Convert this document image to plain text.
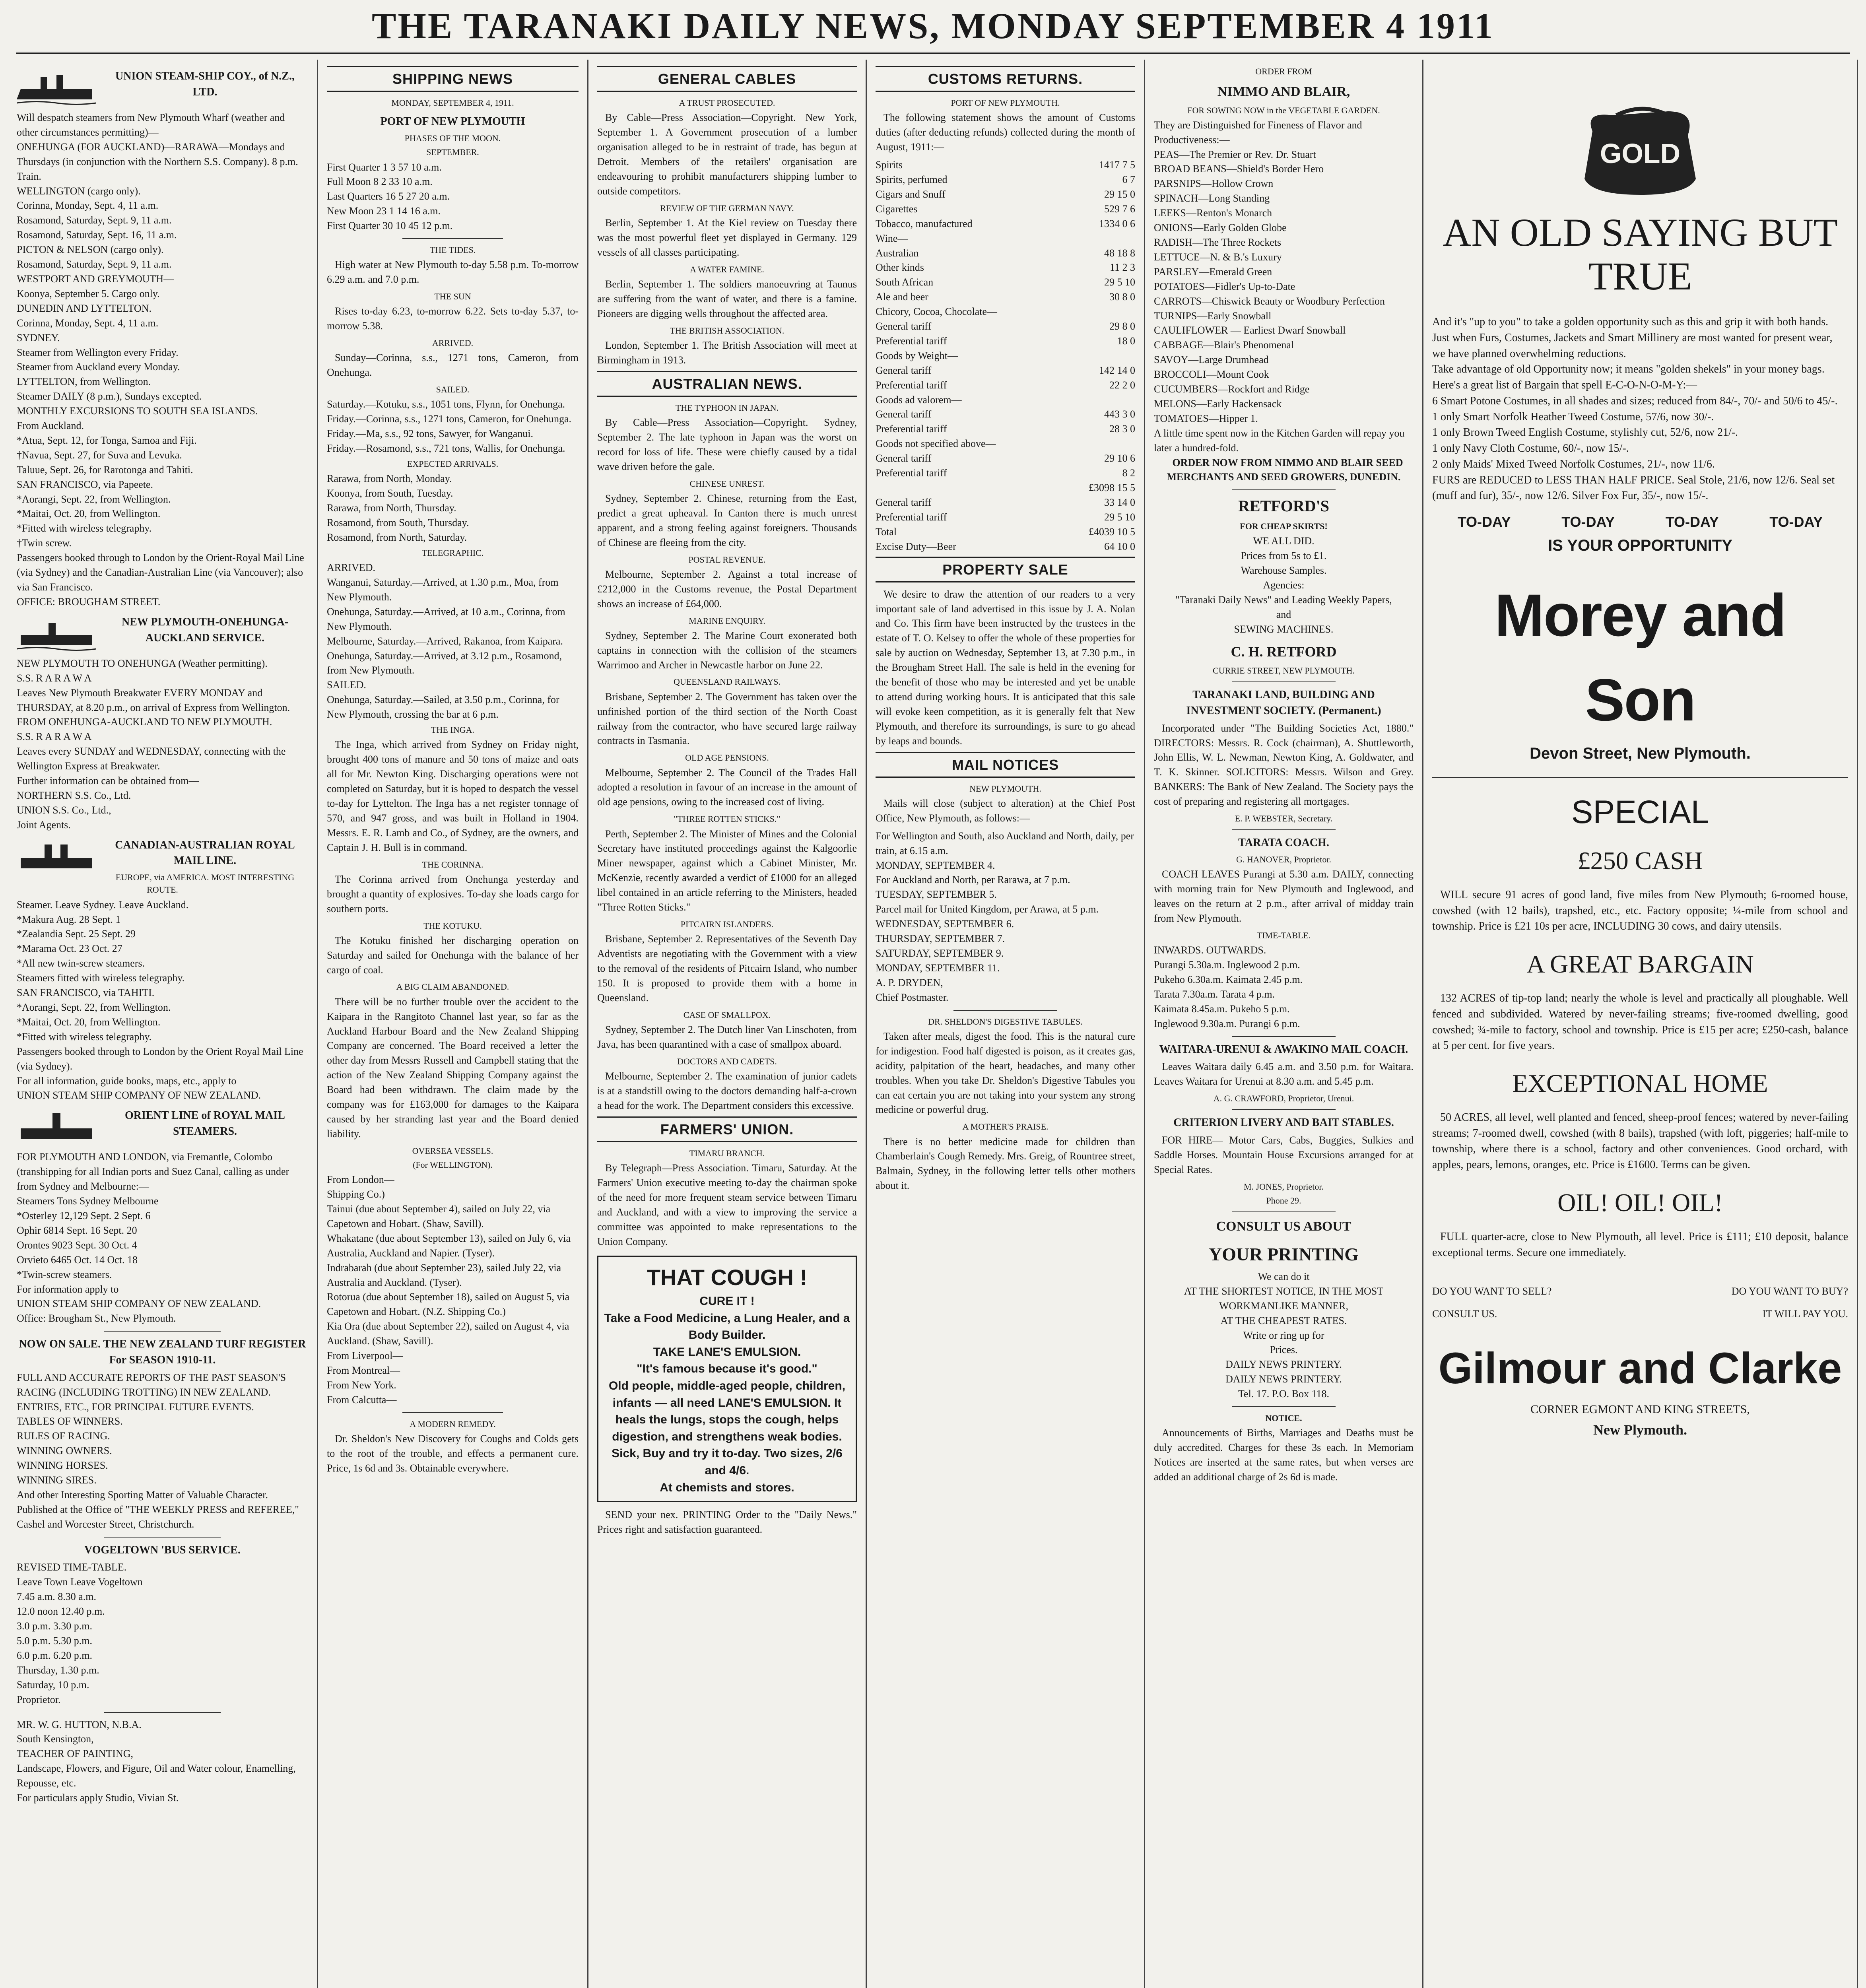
THE TARANAKI DAILY NEWS, MONDAY SEPTEMBER 4 1911
UNION STEAM-SHIP COY., of N.Z., LTD.
Will despatch steamers from New Plymouth Wharf (weather and other circumstances permitting)—
ONEHUNGA (FOR AUCKLAND)—RARAWA—Mondays and Thursdays (in conjunction with the Northern S.S. Company). 8 p.m. Train.
WELLINGTON (cargo only).
Corinna, Monday, Sept. 4, 11 a.m.
Rosamond, Saturday, Sept. 9, 11 a.m.
Rosamond, Saturday, Sept. 16, 11 a.m.
PICTON & NELSON (cargo only).
Rosamond, Saturday, Sept. 9, 11 a.m.
WESTPORT AND GREYMOUTH—
Koonya, September 5. Cargo only.
DUNEDIN AND LYTTELTON.
Corinna, Monday, Sept. 4, 11 a.m.
SYDNEY.
Steamer from Wellington every Friday.
Steamer from Auckland every Monday.
LYTTELTON, from Wellington.
Steamer DAILY (8 p.m.), Sundays excepted.
MONTHLY EXCURSIONS TO SOUTH SEA ISLANDS.
From Auckland.
*Atua, Sept. 12, for Tonga, Samoa and Fiji.
†Navua, Sept. 27, for Suva and Levuka.
Taluue, Sept. 26, for Rarotonga and Tahiti.
SAN FRANCISCO, via Papeete.
*Aorangi, Sept. 22, from Wellington.
*Maitai, Oct. 20, from Wellington.
*Fitted with wireless telegraphy.
†Twin screw.
Passengers booked through to London by the Orient-Royal Mail Line (via Sydney) and the Canadian-Australian Line (via Vancouver); also via San Francisco.
OFFICE: BROUGHAM STREET.
NEW PLYMOUTH-ONEHUNGA-AUCKLAND SERVICE.
NEW PLYMOUTH TO ONEHUNGA (Weather permitting).
S.S. R A R A W A
Leaves New Plymouth Breakwater EVERY MONDAY and THURSDAY, at 8.20 p.m., on arrival of Express from Wellington.
FROM ONEHUNGA-AUCKLAND TO NEW PLYMOUTH.
S.S. R A R A W A
Leaves every SUNDAY and WEDNESDAY, connecting with the Wellington Express at Breakwater.
Further information can be obtained from—
NORTHERN S.S. Co., Ltd.
UNION S.S. Co., Ltd.,
Joint Agents.
CANADIAN-AUSTRALIAN ROYAL MAIL LINE.
EUROPE, via AMERICA. MOST INTERESTING ROUTE.
Steamer. Leave Sydney. Leave Auckland.
*Makura Aug. 28 Sept. 1
*Zealandia Sept. 25 Sept. 29
*Marama Oct. 23 Oct. 27
*All new twin-screw steamers.
Steamers fitted with wireless telegraphy.
SAN FRANCISCO, via TAHITI.
*Aorangi, Sept. 22, from Wellington.
*Maitai, Oct. 20, from Wellington.
*Fitted with wireless telegraphy.
Passengers booked through to London by the Orient Royal Mail Line (via Sydney).
For all information, guide books, maps, etc., apply to
UNION STEAM SHIP COMPANY OF NEW ZEALAND.
ORIENT LINE of ROYAL MAIL STEAMERS.
FOR PLYMOUTH AND LONDON, via Fremantle, Colombo (transhipping for all Indian ports and Suez Canal, calling as under from Sydney and Melbourne:—
Steamers Tons Sydney Melbourne
*Osterley 12,129 Sept. 2 Sept. 6
Ophir 6814 Sept. 16 Sept. 20
Orontes 9023 Sept. 30 Oct. 4
Orvieto 6465 Oct. 14 Oct. 18
*Twin-screw steamers.
For information apply to
UNION STEAM SHIP COMPANY OF NEW ZEALAND.
Office: Brougham St., New Plymouth.
NOW ON SALE. THE NEW ZEALAND TURF REGISTER For SEASON 1910-11.
FULL AND ACCURATE REPORTS OF THE PAST SEASON'S RACING (INCLUDING TROTTING) IN NEW ZEALAND.
ENTRIES, ETC., FOR PRINCIPAL FUTURE EVENTS.
TABLES OF WINNERS.
RULES OF RACING.
WINNING OWNERS.
WINNING HORSES.
WINNING SIRES.
And other Interesting Sporting Matter of Valuable Character.
Published at the Office of "THE WEEKLY PRESS and REFEREE," Cashel and Worcester Street, Christchurch.
VOGELTOWN 'BUS SERVICE.
REVISED TIME-TABLE.
Leave Town Leave Vogeltown
7.45 a.m. 8.30 a.m.
12.0 noon 12.40 p.m.
3.0 p.m. 3.30 p.m.
5.0 p.m. 5.30 p.m.
6.0 p.m. 6.20 p.m.
Thursday, 1.30 p.m.
Saturday, 10 p.m.
Proprietor.
MR. W. G. HUTTON, N.B.A.
South Kensington,
TEACHER OF PAINTING,
Landscape, Flowers, and Figure, Oil and Water colour, Enamelling, Repousse, etc.
For particulars apply Studio, Vivian St.
SHIPPING NEWS
MONDAY, SEPTEMBER 4, 1911.
PORT OF NEW PLYMOUTH
PHASES OF THE MOON.
SEPTEMBER.
First Quarter 1 3 57 10 a.m.
Full Moon 8 2 33 10 a.m.
Last Quarters 16 5 27 20 a.m.
New Moon 23 1 14 16 a.m.
First Quarter 30 10 45 12 p.m.
THE TIDES.

High water at New Plymouth to-day 5.58 p.m. To-morrow 6.29 a.m. and 7.0 p.m.

THE SUN

Rises to-day 6.23, to-morrow 6.22. Sets to-day 5.37, to-morrow 5.38.

ARRIVED.

Sunday—Corinna, s.s., 1271 tons, Cameron, from Onehunga.

SAILED.
Saturday.—Kotuku, s.s., 1051 tons, Flynn, for Onehunga.
Friday.—Corinna, s.s., 1271 tons, Cameron, for Onehunga.
Friday.—Ma, s.s., 92 tons, Sawyer, for Wanganui.
Friday.—Rosamond, s.s., 721 tons, Wallis, for Onehunga.
EXPECTED ARRIVALS.
Rarawa, from North, Monday.
Koonya, from South, Tuesday.
Rarawa, from North, Thursday.
Rosamond, from South, Thursday.
Rosamond, from North, Saturday.
TELEGRAPHIC.
ARRIVED.
Wanganui, Saturday.—Arrived, at 1.30 p.m., Moa, from New Plymouth.
Onehunga, Saturday.—Arrived, at 10 a.m., Corinna, from New Plymouth.
Melbourne, Saturday.—Arrived, Rakanoa, from Kaipara.
Onehunga, Saturday.—Arrived, at 3.12 p.m., Rosamond, from New Plymouth.
SAILED.
Onehunga, Saturday.—Sailed, at 3.50 p.m., Corinna, for New Plymouth, crossing the bar at 6 p.m.
THE INGA.

The Inga, which arrived from Sydney on Friday night, brought 400 tons of manure and 50 tons of maize and oats all for Mr. Newton King. Discharging operations were not completed on Saturday, but it is hoped to despatch the vessel to-day for Lyttelton. The Inga has a net register tonnage of 570, and 947 gross, and was built in Holland in 1904. Messrs. E. R. Lamb and Co., of Sydney, are the owners, and Captain J. H. Bull is in command.

THE CORINNA.

The Corinna arrived from Onehunga yesterday and brought a quantity of explosives. To-day she loads cargo for southern ports.

THE KOTUKU.

The Kotuku finished her discharging operation on Saturday and sailed for Onehunga with the balance of her cargo of coal.

A BIG CLAIM ABANDONED.

There will be no further trouble over the accident to the Kaipara in the Rangitoto Channel last year, so far as the Auckland Harbour Board and the New Zealand Shipping Company are concerned. The Board received a letter the other day from Messrs Russell and Campbell stating that the action of the New Zealand Shipping Company against the Board had been withdrawn. The claim made by the company was for £163,000 for damages to the Kaipara caused by her stranding last year and the Board denied liability.

OVERSEA VESSELS.
(For WELLINGTON).
From London—
Shipping Co.)
Tainui (due about September 4), sailed on July 22, via Capetown and Hobart. (Shaw, Savill).
Whakatane (due about September 13), sailed on July 6, via Australia, Auckland and Napier. (Tyser).
Indrabarah (due about September 23), sailed July 22, via Australia and Auckland. (Tyser).
Rotorua (due about September 18), sailed on August 5, via Capetown and Hobart. (N.Z. Shipping Co.)
Kia Ora (due about September 22), sailed on August 4, via Auckland. (Shaw, Savill).
From Liverpool—
From Montreal—
From New York.
From Calcutta—
A MODERN REMEDY.

Dr. Sheldon's New Discovery for Coughs and Colds gets to the root of the trouble, and effects a permanent cure. Price, 1s 6d and 3s. Obtainable everywhere.

GENERAL CABLES
A TRUST PROSECUTED.

By Cable—Press Association—Copyright. New York, September 1. A Government prosecution of a lumber organisation alleged to be in restraint of trade, has begun at Detroit. Members of the retailers' organisation are endeavouring to prohibit manufacturers shipping lumber to outside competitors.

REVIEW OF THE GERMAN NAVY.

Berlin, September 1. At the Kiel review on Tuesday there was the most powerful fleet yet displayed in Germany. 129 vessels of all classes participating.

A WATER FAMINE.

Berlin, September 1. The soldiers manoeuvring at Taunus are suffering from the want of water, and there is a famine. Pioneers are digging wells throughout the affected area.

THE BRITISH ASSOCIATION.

London, September 1. The British Association will meet at Birmingham in 1913.

AUSTRALIAN NEWS.
THE TYPHOON IN JAPAN.

By Cable—Press Association—Copyright. Sydney, September 2. The late typhoon in Japan was the worst on record for loss of life. These were chiefly caused by a tidal wave driven before the gale.

CHINESE UNREST.

Sydney, September 2. Chinese, returning from the East, predict a great upheaval. In Canton there is much unrest apparent, and a strong feeling against foreigners. Thousands of Chinese are fleeing from the city.

POSTAL REVENUE.

Melbourne, September 2. Against a total increase of £212,000 in the Customs revenue, the Postal Department shows an increase of £64,000.

MARINE ENQUIRY.

Sydney, September 2. The Marine Court exonerated both captains in connection with the collision of the steamers Warrimoo and Archer in Newcastle harbor on June 22.

QUEENSLAND RAILWAYS.

Brisbane, September 2. The Government has taken over the unfinished portion of the third section of the North Coast railway from the contractor, who have secured large railway contracts in Tasmania.

OLD AGE PENSIONS.

Melbourne, September 2. The Council of the Trades Hall adopted a resolution in favour of an increase in the amount of old age pensions, owing to the increased cost of living.

"THREE ROTTEN STICKS."

Perth, September 2. The Minister of Mines and the Colonial Secretary have instituted proceedings against the Kalgoorlie Miner newspaper, against which a Cabinet Minister, Mr. McKenzie, recently awarded a verdict of £1000 for an alleged libel contained in an article referring to the Ministers, headed "Three Rotten Sticks."

PITCAIRN ISLANDERS.

Brisbane, September 2. Representatives of the Seventh Day Adventists are negotiating with the Government with a view to the removal of the residents of Pitcairn Island, who number 150. It is proposed to provide them with a home in Queensland.

CASE OF SMALLPOX.

Sydney, September 2. The Dutch liner Van Linschoten, from Java, has been quarantined with a case of smallpox aboard.

DOCTORS AND CADETS.

Melbourne, September 2. The examination of junior cadets is at a standstill owing to the doctors demanding half-a-crown a head for the work. The Department considers this excessive.

FARMERS' UNION.
TIMARU BRANCH.

By Telegraph—Press Association. Timaru, Saturday. At the Farmers' Union executive meeting to-day the chairman spoke of the need for more frequent steam service between Timaru and Auckland, and with a view to improving the service a committee was appointed to make representations to the Union Company.

THAT COUGH !
CURE IT !
Take a Food Medicine, a Lung Healer, and a Body Builder.
TAKE LANE'S EMULSION.
"It's famous because it's good."
Old people, middle-aged people, children, infants — all need LANE'S EMULSION. It heals the lungs, stops the cough, helps digestion, and strengthens weak bodies.
Sick, Buy and try it to-day. Two sizes, 2/6 and 4/6.
At chemists and stores.

SEND your nex. PRINTING Order to the "Daily News." Prices right and satisfaction guaranteed.

CUSTOMS RETURNS.
PORT OF NEW PLYMOUTH.

The following statement shows the amount of Customs duties (after deducting refunds) collected during the month of August, 1911:—

Spirits	1417 7 5
Spirits, perfumed	6 7
Cigars and Snuff	29 15 0
Cigarettes	529 7 6
Tobacco, manufactured	1334 0 6
Wine—
Australian	48 18 8
Other kinds	11 2 3
South African	29 5 10
Ale and beer	30 8 0
Chicory, Cocoa, Chocolate—
General tariff	29 8 0
Preferential tariff	18 0
Goods by Weight—
General tariff	142 14 0
Preferential tariff	22 2 0
Goods ad valorem—
General tariff	443 3 0
Preferential tariff	28 3 0
Goods not specified above—
General tariff	29 10 6
Preferential tariff	8 2
£3098 15 5
General tariff	33 14 0
Preferential tariff	29 5 10
Total	£4039 10 5
Excise Duty—Beer	64 10 0
PROPERTY SALE

We desire to draw the attention of our readers to a very important sale of land advertised in this issue by J. A. Nolan and Co. This firm have been instructed by the trustees in the estate of T. O. Kelsey to offer the whole of these properties for sale by auction on Wednesday, September 13, at 7.30 p.m., in the Brougham Street Hall. The sale is held in the evening for the benefit of those who may be interested and yet be unable to attend during working hours. It is anticipated that this sale will evoke keen competition, as it is generally felt that New Plymouth, and therefore its surroundings, is sure to go ahead by leaps and bounds.

MAIL NOTICES
NEW PLYMOUTH.

Mails will close (subject to alteration) at the Chief Post Office, New Plymouth, as follows:—

For Wellington and South, also Auckland and North, daily, per train, at 6.15 a.m.
MONDAY, SEPTEMBER 4.
For Auckland and North, per Rarawa, at 7 p.m.
TUESDAY, SEPTEMBER 5.
Parcel mail for United Kingdom, per Arawa, at 5 p.m.
WEDNESDAY, SEPTEMBER 6.
THURSDAY, SEPTEMBER 7.
SATURDAY, SEPTEMBER 9.
MONDAY, SEPTEMBER 11.
A. P. DRYDEN,
Chief Postmaster.
DR. SHELDON'S DIGESTIVE TABULES.

Taken after meals, digest the food. This is the natural cure for indigestion. Food half digested is poison, as it creates gas, acidity, palpitation of the heart, headaches, and many other troubles. When you take Dr. Sheldon's Digestive Tabules you can eat certain you are not taking into your system any strong medicine or powerful drug.

A MOTHER'S PRAISE.

There is no better medicine made for children than Chamberlain's Cough Remedy. Mrs. Greig, of Rountree street, Balmain, Sydney, in the following letter tells other mothers about it.

ORDER FROM
NIMMO AND BLAIR,
FOR SOWING NOW in the VEGETABLE GARDEN.
They are Distinguished for Fineness of Flavor and Productiveness:—
PEAS—The Premier or Rev. Dr. Stuart
BROAD BEANS—Shield's Border Hero
PARSNIPS—Hollow Crown
SPINACH—Long Standing
LEEKS—Renton's Monarch
ONIONS—Early Golden Globe
RADISH—The Three Rockets
LETTUCE—N. & B.'s Luxury
PARSLEY—Emerald Green
POTATOES—Fidler's Up-to-Date
CARROTS—Chiswick Beauty or Woodbury Perfection
TURNIPS—Early Snowball
CAULIFLOWER — Earliest Dwarf Snowball
CABBAGE—Blair's Phenomenal
SAVOY—Large Drumhead
BROCCOLI—Mount Cook
CUCUMBERS—Rockfort and Ridge
MELONS—Early Hackensack
TOMATOES—Hipper 1.
A little time spent now in the Kitchen Garden will repay you later a hundred-fold.

ORDER NOW FROM NIMMO AND BLAIR SEED MERCHANTS AND SEED GROWERS, DUNEDIN.

RETFORD'S
FOR CHEAP SKIRTS!
WE ALL DID.
Prices from 5s to £1.
Warehouse Samples.
Agencies:
"Taranaki Daily News" and Leading Weekly Papers,
and
SEWING MACHINES.
C. H. RETFORD
CURRIE STREET, NEW PLYMOUTH.
TARANAKI LAND, BUILDING AND INVESTMENT SOCIETY. (Permanent.)

Incorporated under "The Building Societies Act, 1880." DIRECTORS: Messrs. R. Cock (chairman), A. Shuttleworth, John Ellis, W. L. Newman, Newton King, A. Goldwater, and T. K. Skinner. SOLICITORS: Messrs. Wilson and Grey. BANKERS: The Bank of New Zealand. The Society pays the cost of preparing and registering all mortgages.

E. P. WEBSTER, Secretary.
TARATA COACH.
G. HANOVER, Proprietor.

COACH LEAVES Purangi at 5.30 a.m. DAILY, connecting with morning train for New Plymouth and Inglewood, and leaves on the return at 2 p.m., after arrival of midday train from New Plymouth.

TIME-TABLE.
INWARDS. OUTWARDS.
Purangi 5.30a.m. Inglewood 2 p.m.
Pukeho 6.30a.m. Kaimata 2.45 p.m.
Tarata 7.30a.m. Tarata 4 p.m.
Kaimata 8.45a.m. Pukeho 5 p.m.
Inglewood 9.30a.m. Purangi 6 p.m.
WAITARA-URENUI & AWAKINO MAIL COACH.

Leaves Waitara daily 6.45 a.m. and 3.50 p.m. for Waitara. Leaves Waitara for Urenui at 8.30 a.m. and 5.45 p.m.

A. G. CRAWFORD, Proprietor, Urenui.
CRITERION LIVERY AND BAIT STABLES.

FOR HIRE— Motor Cars, Cabs, Buggies, Sulkies and Saddle Horses. Mountain House Excursions arranged for at Special Rates.

M. JONES, Proprietor.
Phone 29.
CONSULT US ABOUT
YOUR PRINTING
We can do it
AT THE SHORTEST NOTICE, IN THE MOST WORKMANLIKE MANNER,
AT THE CHEAPEST RATES.
Write or ring up for
Prices.
DAILY NEWS PRINTERY.
DAILY NEWS PRINTERY.
Tel. 17. P.O. Box 118.
NOTICE.

Announcements of Births, Marriages and Deaths must be duly accredited. Charges for these 3s each. In Memoriam Notices are inserted at the same rates, but when verses are added an additional charge of 2s 6d is made.

GOLD
AN OLD SAYING BUT TRUE
And it's "up to you" to take a golden opportunity such as this and grip it with both hands.
Just when Furs, Costumes, Jackets and Smart Millinery are most wanted for present wear, we have planned overwhelming reductions.
Take advantage of old Opportunity now; it means "golden shekels" in your money bags.
Here's a great list of Bargain that spell E-C-O-N-O-M-Y:—
6 Smart Potone Costumes, in all shades and sizes; reduced from 84/-, 70/- and 50/6 to 45/-.
1 only Smart Norfolk Heather Tweed Costume, 57/6, now 30/-.
1 only Brown Tweed English Costume, stylishly cut, 52/6, now 21/-.
1 only Navy Cloth Costume, 60/-, now 15/-.
2 only Maids' Mixed Tweed Norfolk Costumes, 21/-, now 11/6.
FURS are REDUCED to LESS THAN HALF PRICE. Seal Stole, 21/6, now 12/6. Seal set (muff and fur), 35/-, now 12/6. Silver Fox Fur, 35/-, now 15/-.
TO-DAY	TO-DAY	TO-DAY	TO-DAY
IS YOUR OPPORTUNITY
Morey and Son
Devon Street, New Plymouth.
SPECIAL
£250 CASH

WILL secure 91 acres of good land, five miles from New Plymouth; 6-roomed house, cowshed (with 12 bails), trapshed, etc., etc. Factory opposite; ¼-mile from school and township. Price is £21 10s per acre, INCLUDING 30 cows, and dairy utensils.

A GREAT BARGAIN

132 ACRES of tip-top land; nearly the whole is level and practically all ploughable. Well fenced and subdivided. Watered by never-failing streams; five-roomed dwelling, good cowshed; ¾-mile to factory, school and township. Price is £15 per acre; £250-cash, balance at 5 per cent. for five years.

EXCEPTIONAL HOME

50 ACRES, all level, well planted and fenced, sheep-proof fences; watered by never-failing streams; 7-roomed dwell, cowshed (with 8 bails), trapshed (with loft, piggeries; half-mile to township, where there is a school, factory and other conveniences. Good orchard, with apples, pears, lemons, oranges, etc. Price is £1600. Terms can be given.

OIL! OIL! OIL!

FULL quarter-acre, close to New Plymouth, all level. Price is £111; £10 deposit, balance exceptional terms. Secure one immediately.

DO YOU WANT TO SELL?	DO YOU WANT TO BUY?
CONSULT US.	IT WILL PAY YOU.
Gilmour and Clarke
CORNER EGMONT AND KING STREETS,
New Plymouth.
